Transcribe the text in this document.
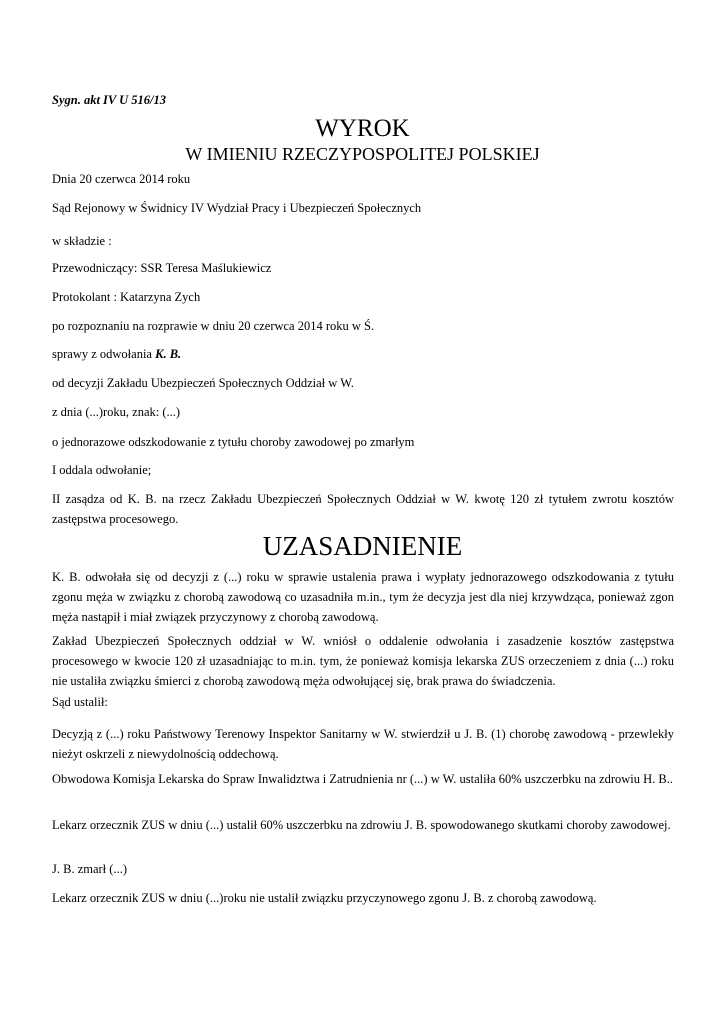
Sygn. akt IV U 516/13
WYROK
W IMIENIU RZECZYPOSPOLITEJ POLSKIEJ
Dnia 20 czerwca 2014 roku
Sąd Rejonowy w Świdnicy IV Wydział Pracy i Ubezpieczeń Społecznych
w składzie :
Przewodniczący: SSR Teresa Maślukiewicz
Protokolant : Katarzyna Zych
po rozpoznaniu na rozprawie w dniu 20 czerwca 2014 roku w Ś.
sprawy z odwołania K. B.
od decyzji Zakładu Ubezpieczeń Społecznych Oddział w W.
z dnia (...)roku, znak: (...)
o jednorazowe odszkodowanie z tytułu choroby zawodowej po zmarłym
I oddala odwołanie;
II zasądza od K. B. na rzecz Zakładu Ubezpieczeń Społecznych Oddział w W. kwotę 120 zł tytułem zwrotu kosztów zastępstwa procesowego.
UZASADNIENIE
K. B. odwołała się od decyzji z (...) roku w sprawie ustalenia prawa i wypłaty jednorazowego odszkodowania z tytułu zgonu męża w związku z chorobą zawodową co uzasadniła m.in., tym że decyzja jest dla niej krzywdząca, ponieważ zgon męża nastąpił i miał związek przyczynowy z chorobą zawodową.
Zakład Ubezpieczeń Społecznych oddział w W. wniósł o oddalenie odwołania i zasadzenie kosztów zastępstwa procesowego w kwocie 120 zł uzasadniając to m.in. tym, że ponieważ komisja lekarska ZUS orzeczeniem z dnia (...) roku nie ustaliła związku śmierci z chorobą zawodową męża odwołującej się, brak prawa do świadczenia.
Sąd ustalił:
Decyzją z (...) roku Państwowy Terenowy Inspektor Sanitarny w W. stwierdził u J. B. (1) chorobę zawodową - przewlekły nieżyt oskrzeli z niewydolnością oddechową.
Obwodowa Komisja Lekarska do Spraw Inwalidztwa i Zatrudnienia nr (...) w W. ustaliła 60% uszczerbku na zdrowiu H. B..
Lekarz orzecznik ZUS w dniu (...) ustalił 60% uszczerbku na zdrowiu J. B. spowodowanego skutkami choroby zawodowej.
J. B. zmarł (...)
Lekarz orzecznik ZUS w dniu (...)roku nie ustalił związku przyczynowego zgonu J. B. z chorobą zawodową.
